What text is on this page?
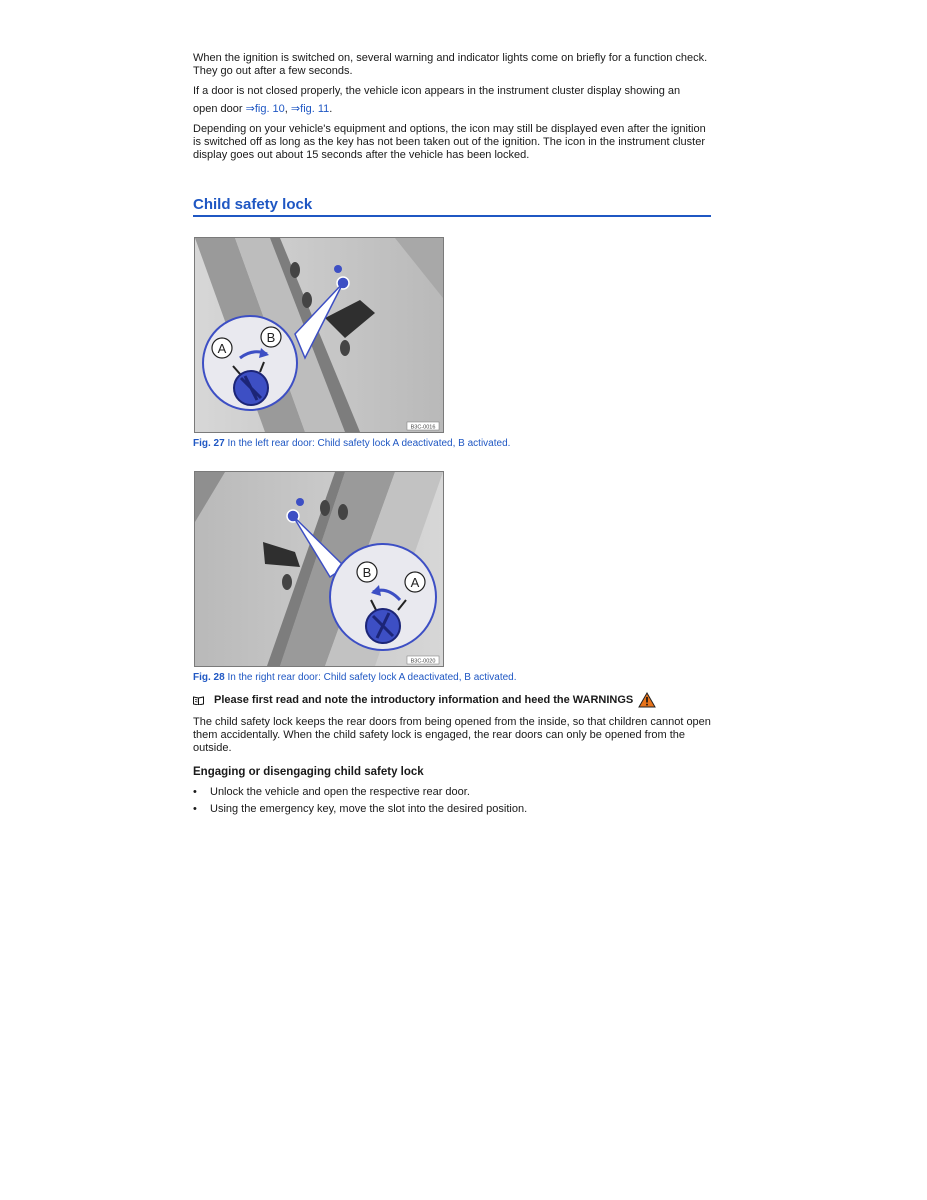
When the ignition is switched on, several warning and indicator lights come on briefly for a function check. They go out after a few seconds.

If a door is not closed properly, the vehicle icon appears in the instrument cluster display showing an

open door ⇒fig. 10, ⇒fig. 11.

Depending on your vehicle's equipment and options, the icon may still be displayed even after the ignition is switched off as long as the key has not been taken out of the ignition. The icon in the instrument cluster display goes out about 15 seconds after the vehicle has been locked.

Child safety lock
A
B
B3C-0016
Fig. 27 In the left rear door: Child safety lock A deactivated, B activated.
B
A
B3C-0020
Fig. 28 In the right rear door: Child safety lock A deactivated, B activated.
Please first read and note the introductory information and heed the WARNINGS

The child safety lock keeps the rear doors from being opened from the inside, so that children cannot open them accidentally. When the child safety lock is engaged, the rear doors can only be opened from the outside.

Engaging or disengaging child safety lock
•	Unlock the vehicle and open the respective rear door.
•	Using the emergency key, move the slot into the desired position.
